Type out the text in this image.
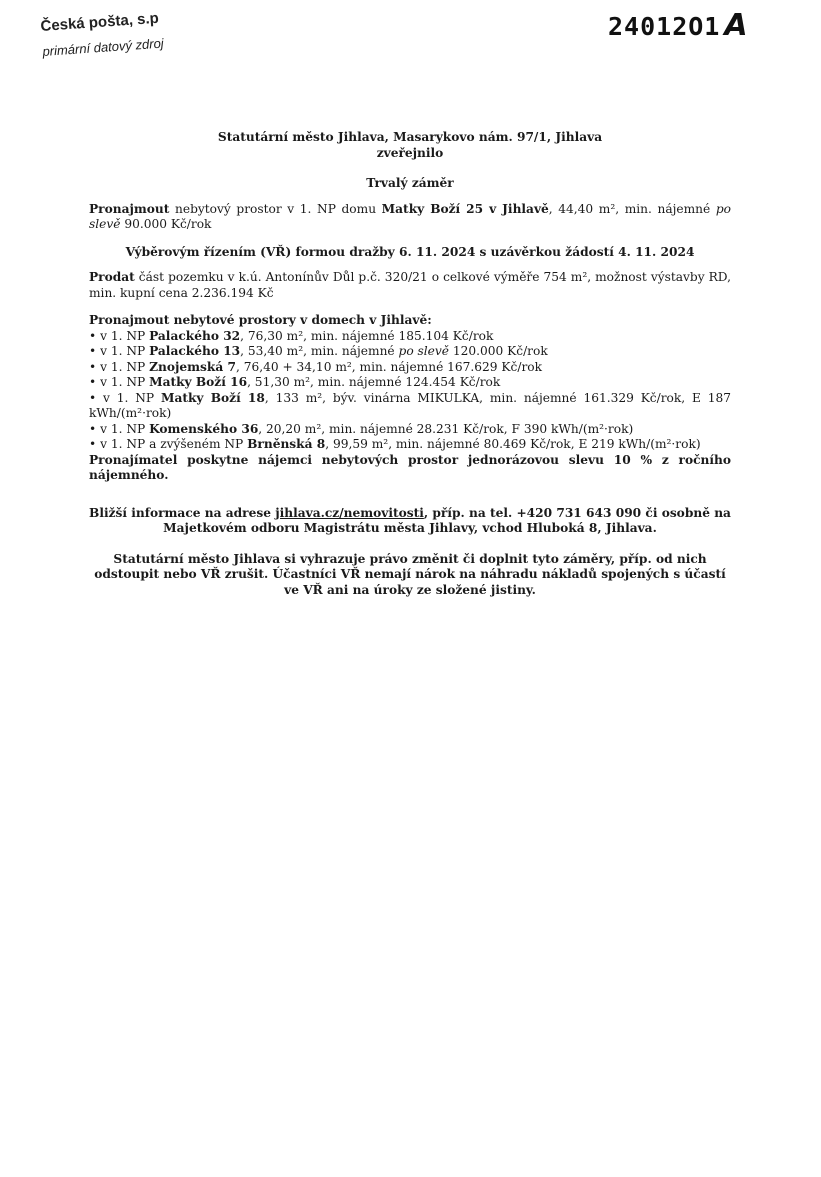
Česká pošta, s.p
primární datový zdroj
24012O1 A

Statutární město Jihlava, Masarykovo nám. 97/1, Jihlava

zveřejnilo

Trvalý záměr

Pronajmout nebytový prostor v 1. NP domu Matky Boží 25 v Jihlavě, 44,40 m², min. nájemné po slevě 90.000 Kč/rok

Výběrovým řízením (VŘ) formou dražby 6. 11. 2024 s uzávěrkou žádostí 4. 11. 2024

Prodat část pozemku v k.ú. Antonínův Důl p.č. 320/21 o celkové výměře 754 m², možnost výstavby RD, min. kupní cena 2.236.194 Kč

Pronajmout nebytové prostory v domech v Jihlavě:

• v 1. NP Palackého 32, 76,30 m², min. nájemné 185.104 Kč/rok
• v 1. NP Palackého 13, 53,40 m², min. nájemné po slevě 120.000 Kč/rok
• v 1. NP Znojemská 7, 76,40 + 34,10 m², min. nájemné 167.629 Kč/rok
• v 1. NP Matky Boží 16, 51,30 m², min. nájemné 124.454 Kč/rok
• v 1. NP Matky Boží 18, 133 m², býv. vinárna MIKULKA, min. nájemné 161.329 Kč/rok, E 187 kWh/(m²·rok)
• v 1. NP Komenského 36, 20,20 m², min. nájemné 28.231 Kč/rok, F 390 kWh/(m²·rok)
• v 1. NP a zvýšeném NP Brněnská 8, 99,59 m², min. nájemné 80.469 Kč/rok, E 219 kWh/(m²·rok)

Pronajímatel poskytne nájemci nebytových prostor jednorázovou slevu 10 % z ročního nájemného.

Bližší informace na adrese jihlava.cz/nemovitosti, příp. na tel. +420 731 643 090 či osobně na Majetkovém odboru Magistrátu města Jihlavy, vchod Hluboká 8, Jihlava.

Statutární město Jihlava si vyhrazuje právo změnit či doplnit tyto záměry, příp. od nich odstoupit nebo VŘ zrušit. Účastníci VŘ nemají nárok na náhradu nákladů spojených s účastí ve VŘ ani na úroky ze složené jistiny.
